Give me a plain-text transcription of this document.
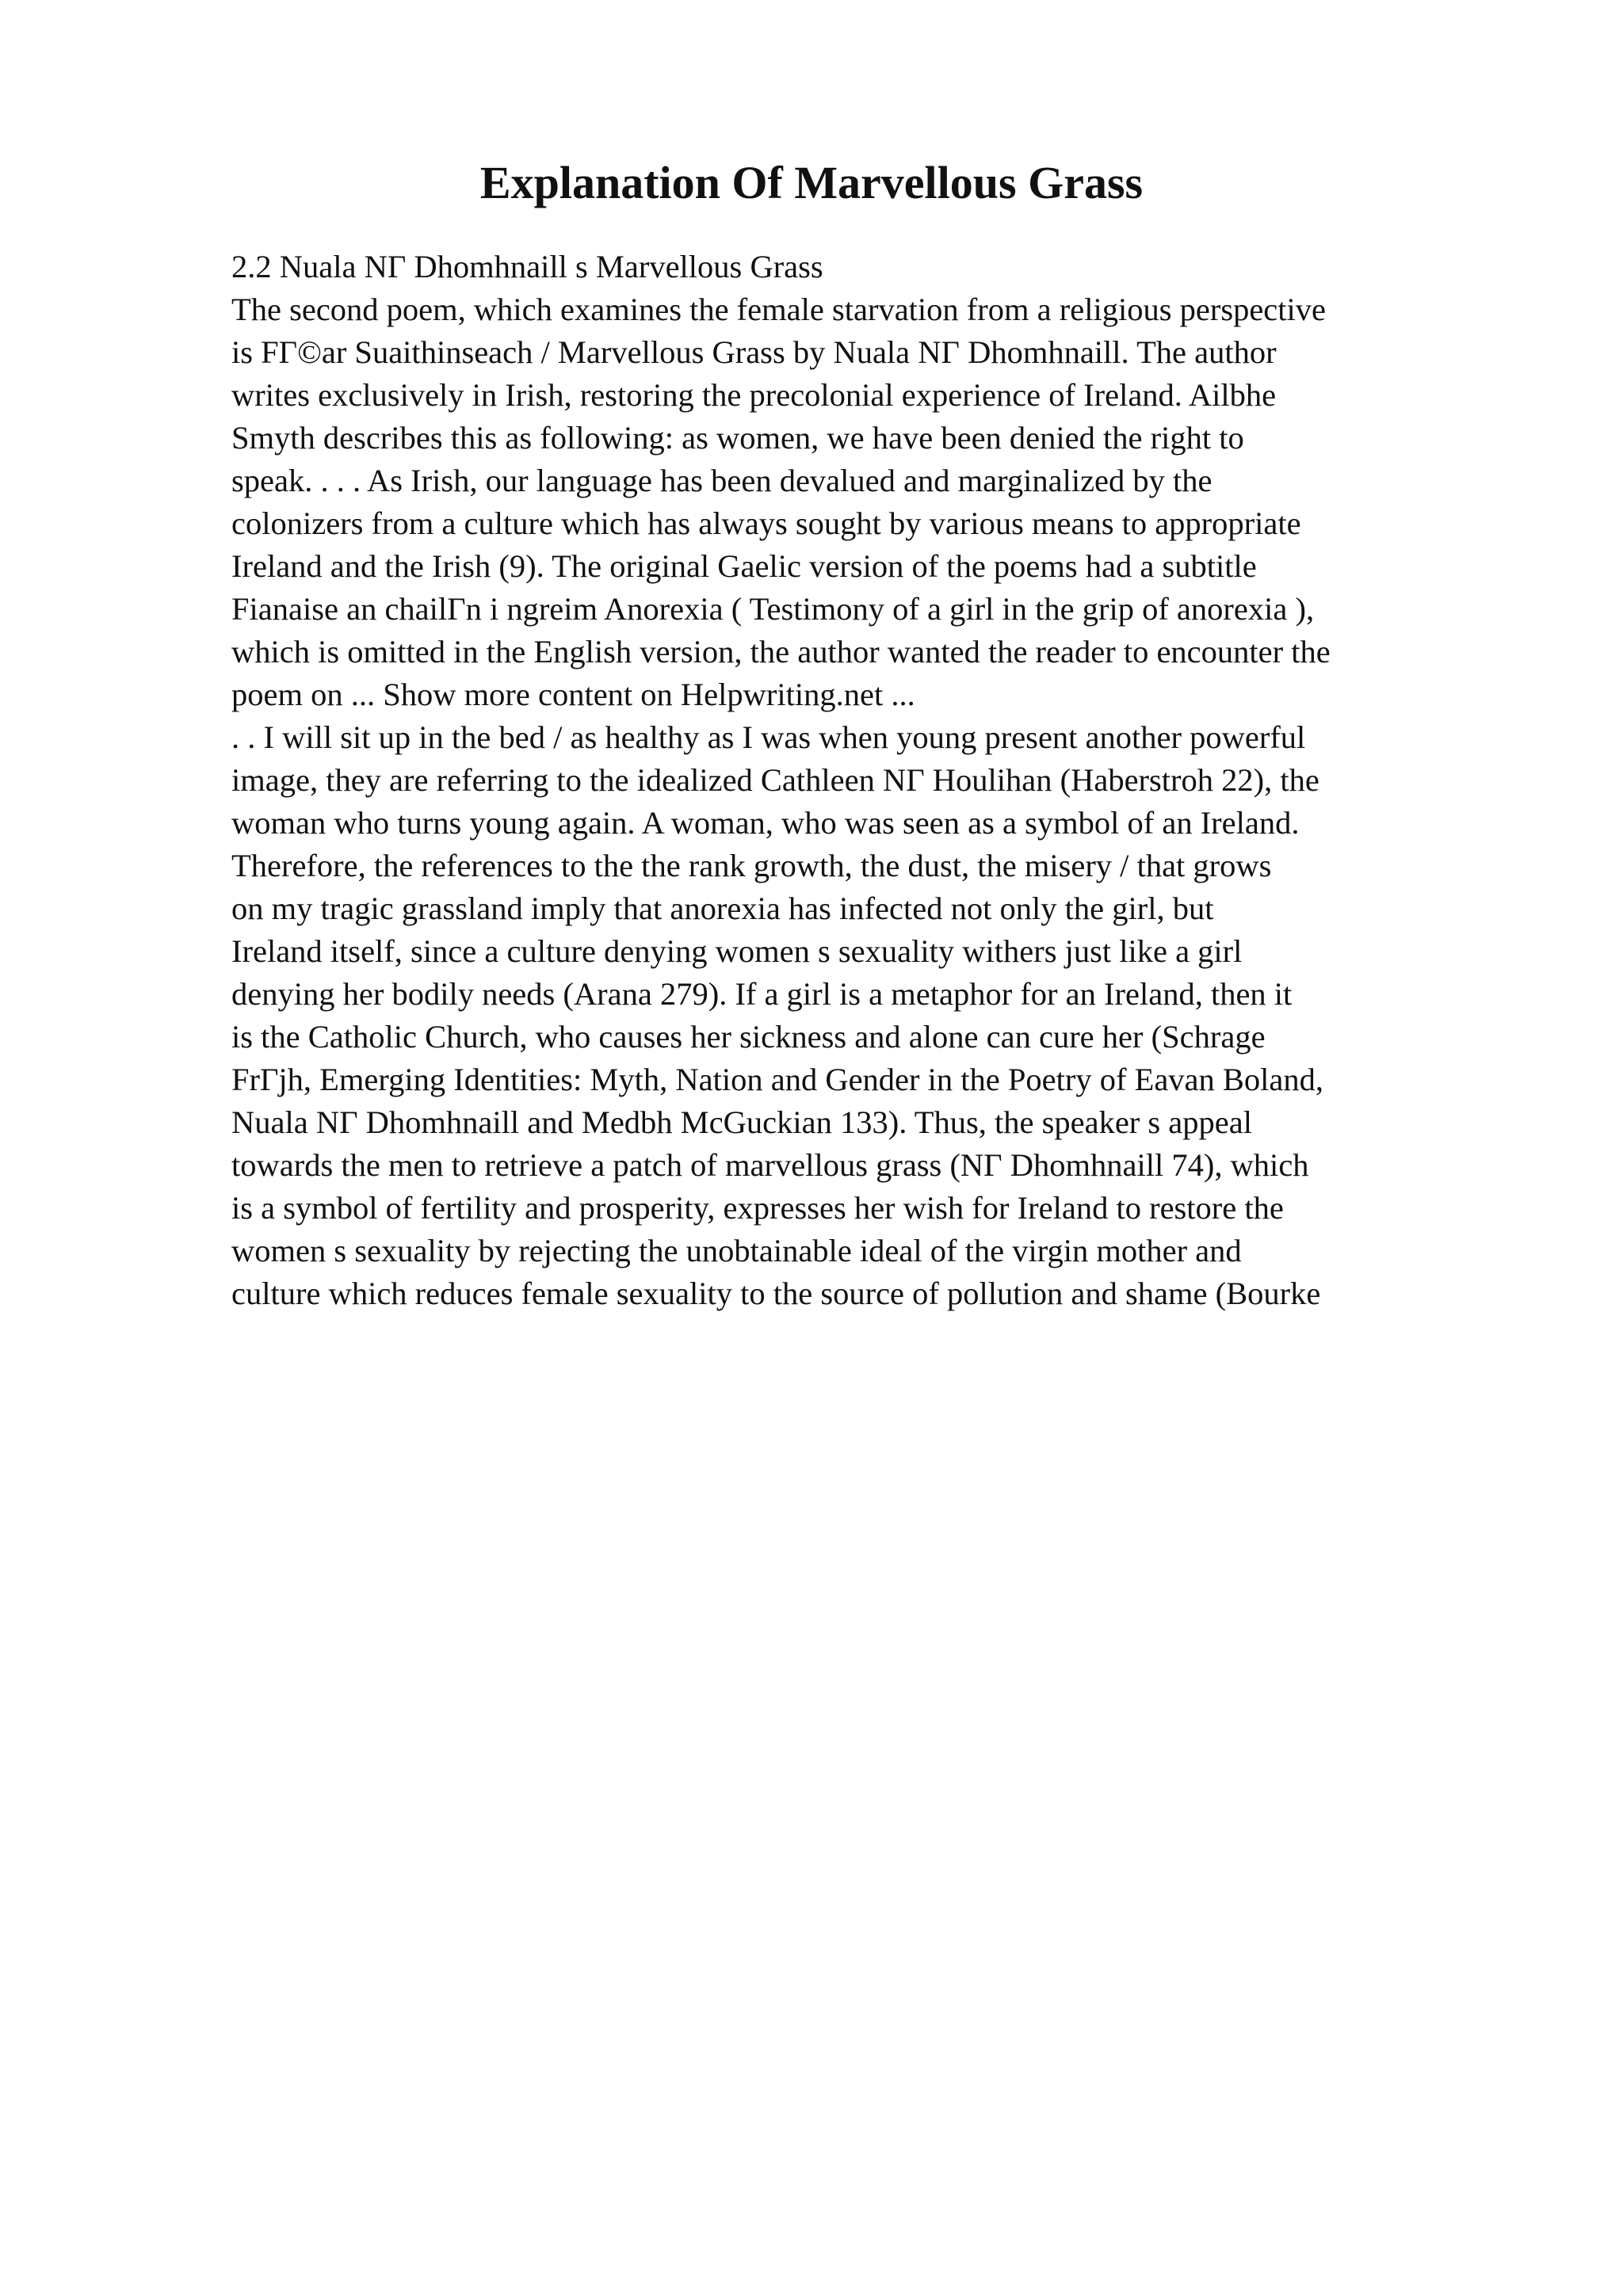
Explanation Of Marvellous Grass
2.2 Nuala NΓ Dhomhnaill s Marvellous Grass
The second poem, which examines the female starvation from a religious perspective
is FΓ©ar Suaithinseach / Marvellous Grass by Nuala NΓ Dhomhnaill. The author
writes exclusively in Irish, restoring the precolonial experience of Ireland. Ailbhe
Smyth describes this as following: as women, we have been denied the right to
speak. . . . As Irish, our language has been devalued and marginalized by the
colonizers from a culture which has always sought by various means to appropriate
Ireland and the Irish (9). The original Gaelic version of the poems had a subtitle
Fianaise an chailΓn i ngreim Anorexia ( Testimony of a girl in the grip of anorexia ),
which is omitted in the English version, the author wanted the reader to encounter the
poem on ... Show more content on Helpwriting.net ...
. . I will sit up in the bed / as healthy as I was when young present another powerful
image, they are referring to the idealized Cathleen NΓ Houlihan (Haberstroh 22), the
woman who turns young again. A woman, who was seen as a symbol of an Ireland.
Therefore, the references to the the rank growth, the dust, the misery / that grows
on my tragic grassland imply that anorexia has infected not only the girl, but
Ireland itself, since a culture denying women s sexuality withers just like a girl
denying her bodily needs (Arana 279). If a girl is a metaphor for an Ireland, then it
is the Catholic Church, who causes her sickness and alone can cure her (Schrage
FrΓjh, Emerging Identities: Myth, Nation and Gender in the Poetry of Eavan Boland,
Nuala NΓ Dhomhnaill and Medbh McGuckian 133). Thus, the speaker s appeal
towards the men to retrieve a patch of marvellous grass (NΓ Dhomhnaill 74), which
is a symbol of fertility and prosperity, expresses her wish for Ireland to restore the
women s sexuality by rejecting the unobtainable ideal of the virgin mother and
culture which reduces female sexuality to the source of pollution and shame (Bourke
